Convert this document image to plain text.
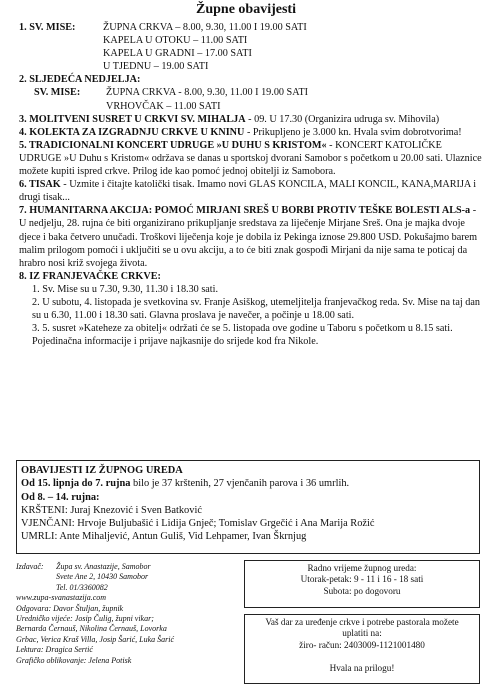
Župne obavijesti
1. SV. MISE:	ŽUPNA CRKVA – 8.00, 9.30, 11.00 I 19.00 SATI
KAPELA U OTOKU – 11.00 SATI
KAPELA U GRADNI – 17.00 SATI
U TJEDNU – 19.00 SATI
2. SLJEDEĆA NEDJELJA:
SV. MISE:	ŽUPNA CRKVA - 8.00, 9.30, 11.00 I 19.00 SATI
VRHOVČAK – 11.00 SATI

3. MOLITVENI SUSRET U CRKVI SV. MIHALJA - 09. U 17.30 (Organizira udruga sv. Mihovila)

4. KOLEKTA ZA IZGRADNJU CRKVE U KNINU - Prikupljeno je 3.000 kn. Hvala svim dobrotvorima!

5. TRADICIONALNI KONCERT UDRUGE »U DUHU S KRISTOM« - KONCERT KATOLIČKE UDRUGE »U Duhu s Kristom« održava se danas u sportskoj dvorani Samobor s početkom u 20.00 sati. Ulaznice možete kupiti ispred crkve. Prilog ide kao pomoć jednoj obitelji iz Samobora.

6. TISAK - Uzmite i čitajte katolički tisak. Imamo novi GLAS KONCILA, MALI KONCIL, KANA,MARIJA i drugi tisak...

7. HUMANITARNA AKCIJA: POMOĆ MIRJANI SREŠ U BORBI PROTIV TEŠKE BOLESTI ALS-a - U nedjelju, 28. rujna će biti organizirano prikupljanje sredstava za liječenje Mirjane Sreš. Ona je majka dvoje djece i baka četvero unučadi. Troškovi liječenja koje je dobila iz Pekinga iznose 29.800 USD. Pokušajmo barem malim prilogom pomoći i uključiti se u ovu akciju, a to će biti znak gospođi Mirjani da nije sama te poticaj da hrabro nosi križ svojega života.

8. IZ FRANJEVAČKE CRKVE:

1. Sv. Mise su u 7.30, 9.30, 11.30 i 18.30 sati.

2. U subotu, 4. listopada je svetkovina sv. Franje Asiškog, utemeljitelja franjevačkog reda. Sv. Mise na taj dan su u 6.30, 11.00 i 18.30 sati. Glavna proslava je navečer, a počinje u 18.00 sati.

3. 5. susret »Kateheze za obitelj« održati će se 5. listopada ove godine u Taboru s početkom u 8.15 sati. Pojedinačna informacije i prijave najkasnije do srijede kod fra Nikole.

OBAVIJESTI IZ ŽUPNOG UREDA

Od 15. lipnja do 7. rujna bilo je 37 krštenih, 27 vjenčanih parova i 36 umrlih.

Od 8. – 14. rujna:

KRŠTENI: Juraj Knezović i Sven Batković

VJENČANI: Hrvoje Buljubašić i Lidija Gnječ; Tomislav Grgečić i Ana Marija Rožić

UMRLI: Ante Mihaljević, Antun Guliš, Vid Lehpamer, Ivan Škrnjug

Izdavač:	Župa sv. Anastazije, Samobor

Svete Ane 2, 10430 Samobor

Tel. 01/3360082

www.zupa-svanastazija.com

Odgovara: Davor Štuljan, župnik

Uredničko vijeće: Josip Čulig, župni vikar;

Bernarda Černauš, Nikolina Černauš, Lovorka

Grbac, Verica Kraš Villa, Josip Šarić, Luka Šarić

Lektura: Dragica Sertić

Grafičko oblikovanje: Jelena Potisk

Radno vrijeme župnog ureda:

Utorak-petak: 9 - 11 i 16 - 18 sati

Subota: po dogovoru

Vaš dar za uređenje crkve i potrebe pastorala možete

uplatiti na:

žiro- račun: 2403009-1121001480

Hvala na prilogu!
